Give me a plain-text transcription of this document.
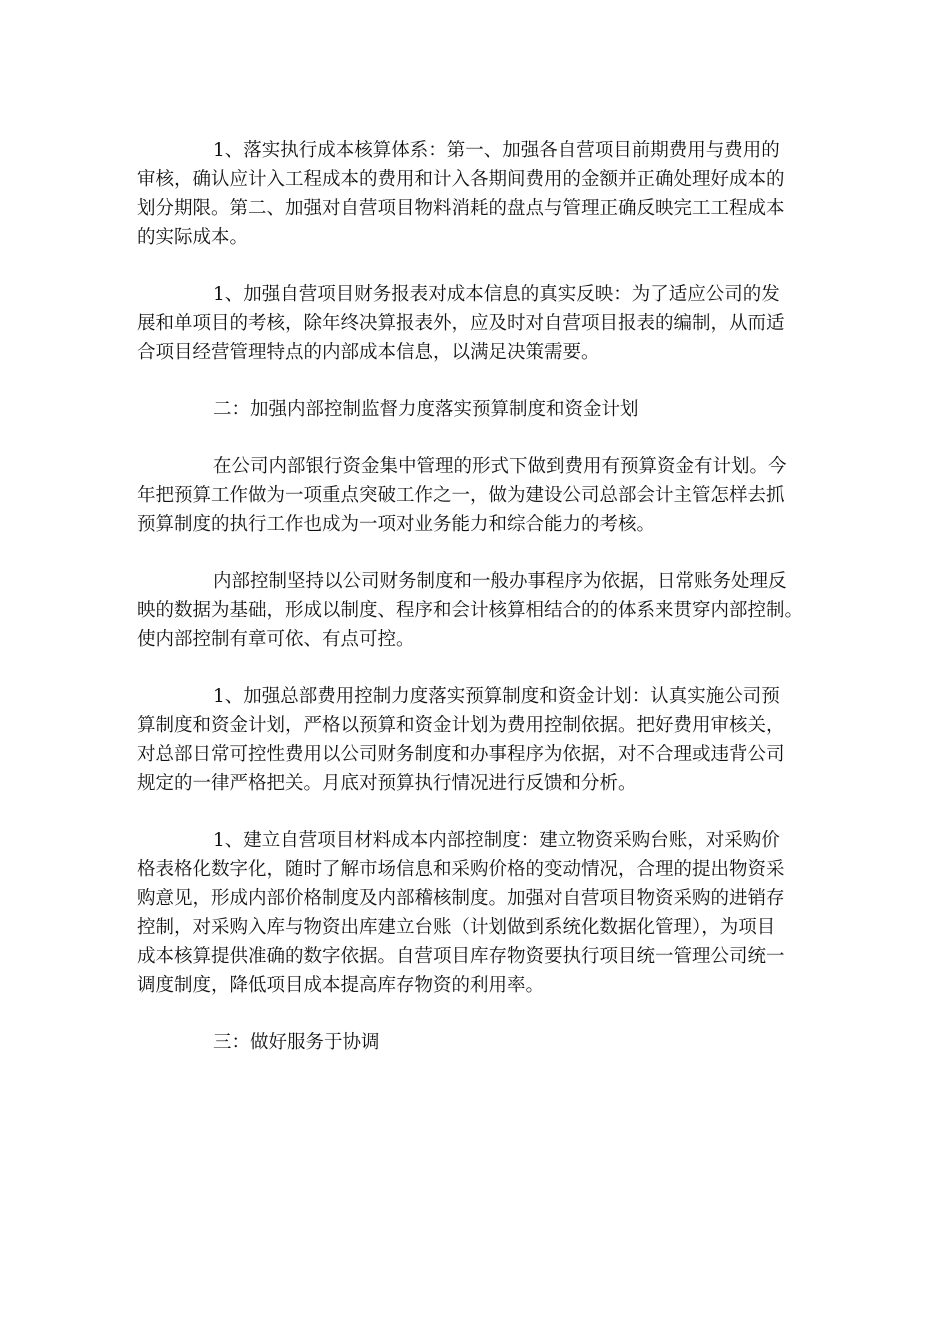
1、落实执行成本核算体系：第一、加强各自营项目前期费用与费用的
审核，确认应计入工程成本的费用和计入各期间费用的金额并正确处理好成本的
划分期限。第二、加强对自营项目物料消耗的盘点与管理正确反映完工工程成本
的实际成本。

1、加强自营项目财务报表对成本信息的真实反映：为了适应公司的发
展和单项目的考核，除年终决算报表外，应及时对自营项目报表的编制，从而适
合项目经营管理特点的内部成本信息，以满足决策需要。

二：加强内部控制监督力度落实预算制度和资金计划

在公司内部银行资金集中管理的形式下做到费用有预算资金有计划。今
年把预算工作做为一项重点突破工作之一，做为建设公司总部会计主管怎样去抓
预算制度的执行工作也成为一项对业务能力和综合能力的考核。

内部控制坚持以公司财务制度和一般办事程序为依据，日常账务处理反
映的数据为基础，形成以制度、程序和会计核算相结合的的体系来贯穿内部控制。
使内部控制有章可依、有点可控。

1、加强总部费用控制力度落实预算制度和资金计划：认真实施公司预
算制度和资金计划，严格以预算和资金计划为费用控制依据。把好费用审核关，
对总部日常可控性费用以公司财务制度和办事程序为依据，对不合理或违背公司
规定的一律严格把关。月底对预算执行情况进行反馈和分析。

1、建立自营项目材料成本内部控制度：建立物资采购台账，对采购价
格表格化数字化，随时了解市场信息和采购价格的变动情况，合理的提出物资采
购意见，形成内部价格制度及内部稽核制度。加强对自营项目物资采购的进销存
控制，对采购入库与物资出库建立台账（计划做到系统化数据化管理），为项目
成本核算提供准确的数字依据。自营项目库存物资要执行项目统一管理公司统一
调度制度，降低项目成本提高库存物资的利用率。

三：做好服务于协调
